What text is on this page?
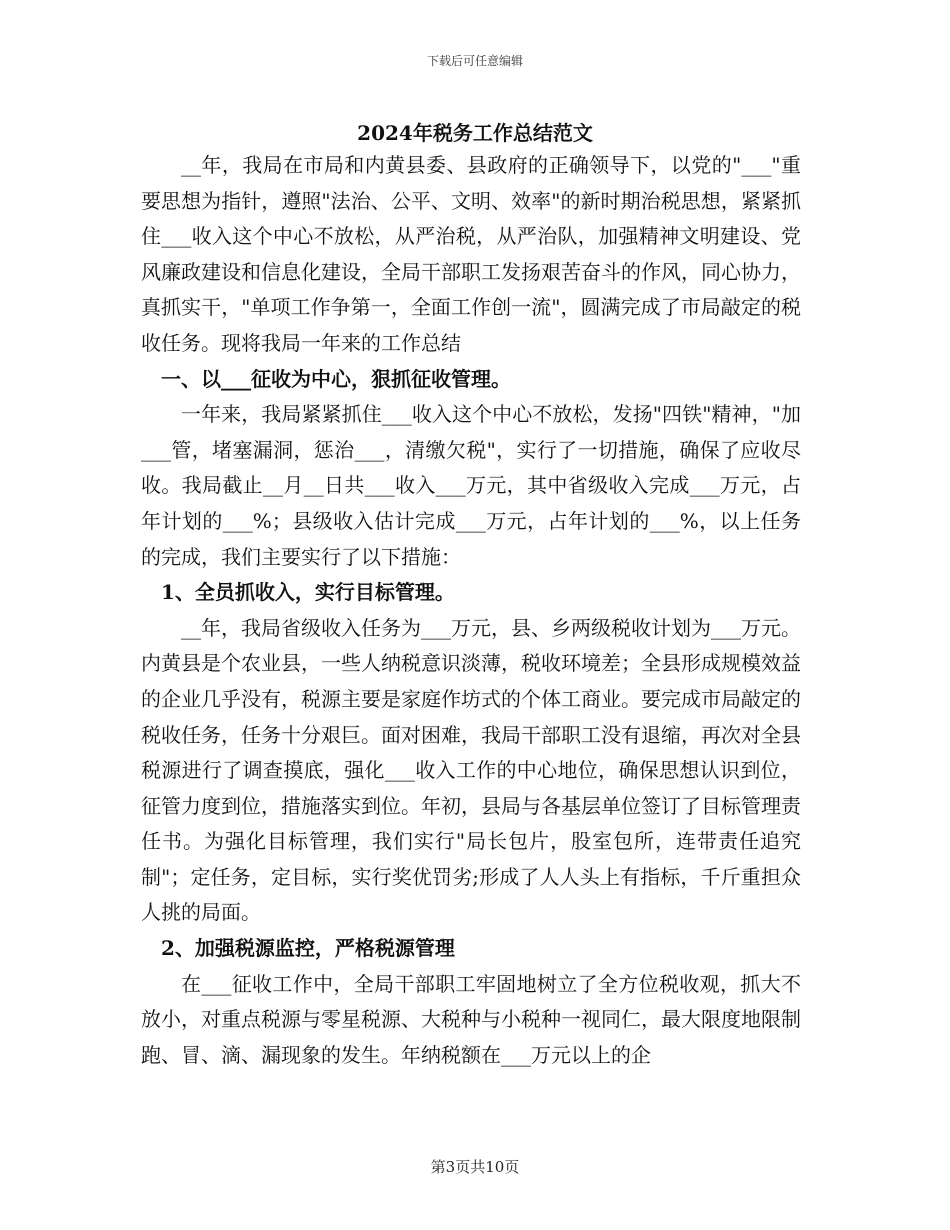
下载后可任意编辑
2024年税务工作总结范文

__年，我局在市局和内黄县委、县政府的正确领导下，以党的"___"重要思想为指针，遵照"法治、公平、文明、效率"的新时期治税思想，紧紧抓住___收入这个中心不放松，从严治税，从严治队，加强精神文明建设、党风廉政建设和信息化建设，全局干部职工发扬艰苦奋斗的作风，同心协力，真抓实干，"单项工作争第一，全面工作创一流"，圆满完成了市局敲定的税收任务。现将我局一年来的工作总结

一、以___征收为中心，狠抓征收管理。

一年来，我局紧紧抓住___收入这个中心不放松，发扬"四铁"精神，"加___管，堵塞漏洞，惩治___，清缴欠税"，实行了一切措施，确保了应收尽收。我局截止__月__日共___收入___万元，其中省级收入完成___万元，占年计划的___%；县级收入估计完成___万元，占年计划的___%，以上任务的完成，我们主要实行了以下措施：

1、全员抓收入，实行目标管理。

__年，我局省级收入任务为___万元，县、乡两级税收计划为___万元。内黄县是个农业县，一些人纳税意识淡薄，税收环境差；全县形成规模效益的企业几乎没有，税源主要是家庭作坊式的个体工商业。要完成市局敲定的税收任务，任务十分艰巨。面对困难，我局干部职工没有退缩，再次对全县税源进行了调查摸底，强化___收入工作的中心地位，确保思想认识到位，征管力度到位，措施落实到位。年初，县局与各基层单位签订了目标管理责任书。为强化目标管理，我们实行"局长包片，股室包所，连带责任追究制"；定任务，定目标，实行奖优罚劣;形成了人人头上有指标，千斤重担众人挑的局面。

2、加强税源监控，严格税源管理

在___征收工作中，全局干部职工牢固地树立了全方位税收观，抓大不放小，对重点税源与零星税源、大税种与小税种一视同仁，最大限度地限制跑、冒、滴、漏现象的发生。年纳税额在___万元以上的企

第3页共10页
